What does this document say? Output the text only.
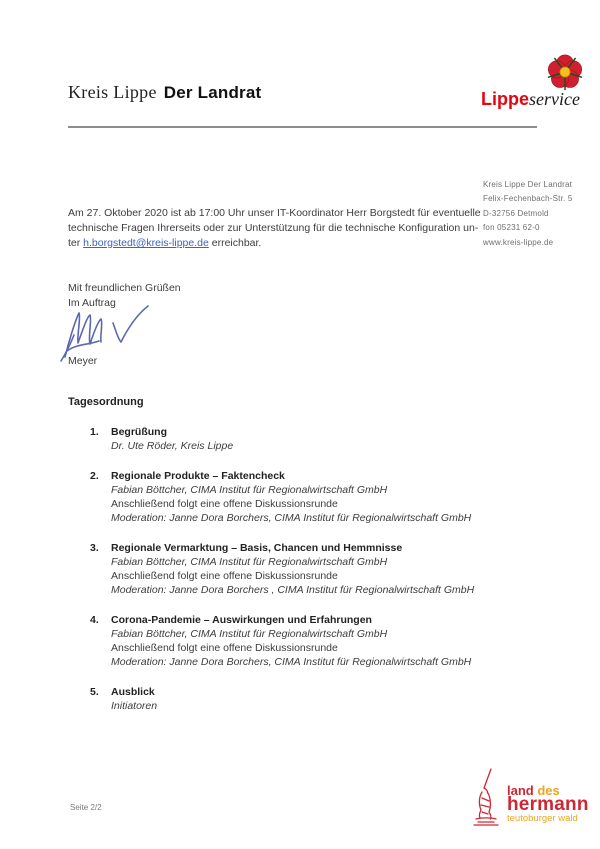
Kreis Lippe Der Landrat	Lippeservice
Kreis Lippe Der Landrat
Felix-Fechenbach-Str. 5
D-32756 Detmold
fon 05231 62-0
www.kreis-lippe.de
Am 27. Oktober 2020 ist ab 17:00 Uhr unser IT-Koordinator Herr Borgstedt für eventuelle
technische Fragen Ihrerseits oder zur Unterstützung für die technische Konfiguration un-
ter h.borgstedt@kreis-lippe.de erreichbar.
Mit freundlichen Grüßen
Im Auftrag
Meyer
Tagesordnung
1.	Begrüßung
Dr. Ute Röder, Kreis Lippe
2.	Regionale Produkte – Faktencheck
Fabian Böttcher, CIMA Institut für Regionalwirtschaft GmbH
Anschließend folgt eine offene Diskussionsrunde
Moderation: Janne Dora Borchers, CIMA Institut für Regionalwirtschaft GmbH
3.	Regionale Vermarktung – Basis, Chancen und Hemmnisse
Fabian Böttcher, CIMA Institut für Regionalwirtschaft GmbH
Anschließend folgt eine offene Diskussionsrunde
Moderation: Janne Dora Borchers , CIMA Institut für Regionalwirtschaft GmbH
4.	Corona-Pandemie – Auswirkungen und Erfahrungen
Fabian Böttcher, CIMA Institut für Regionalwirtschaft GmbH
Anschließend folgt eine offene Diskussionsrunde
Moderation: Janne Dora Borchers, CIMA Institut für Regionalwirtschaft GmbH
5.	Ausblick
Initiatoren
Seite 2/2
land des
hermann
teutoburger wald
